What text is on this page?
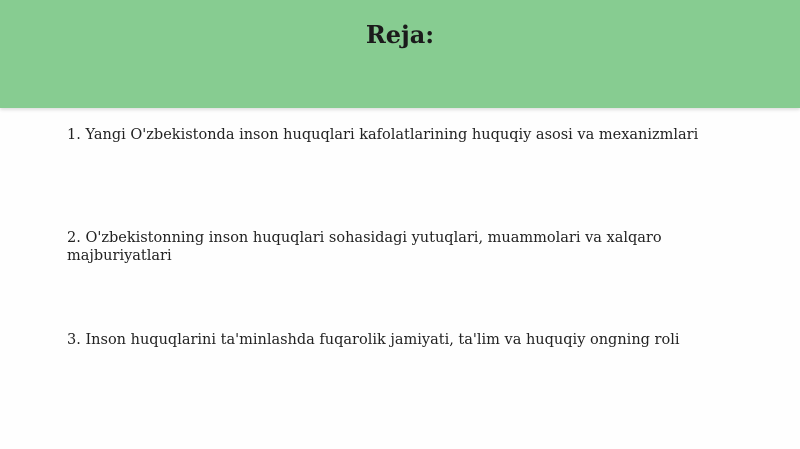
Reja:
1. Yangi O'zbekistonda inson huquqlari kafolatlarining huquqiy asosi va mexanizmlari
2. O'zbekistonning inson huquqlari sohasidagi yutuqlari, muammolari va xalqaro majburiyatlari
3. Inson huquqlarini ta'minlashda fuqarolik jamiyati, ta'lim va huquqiy ongning roli
